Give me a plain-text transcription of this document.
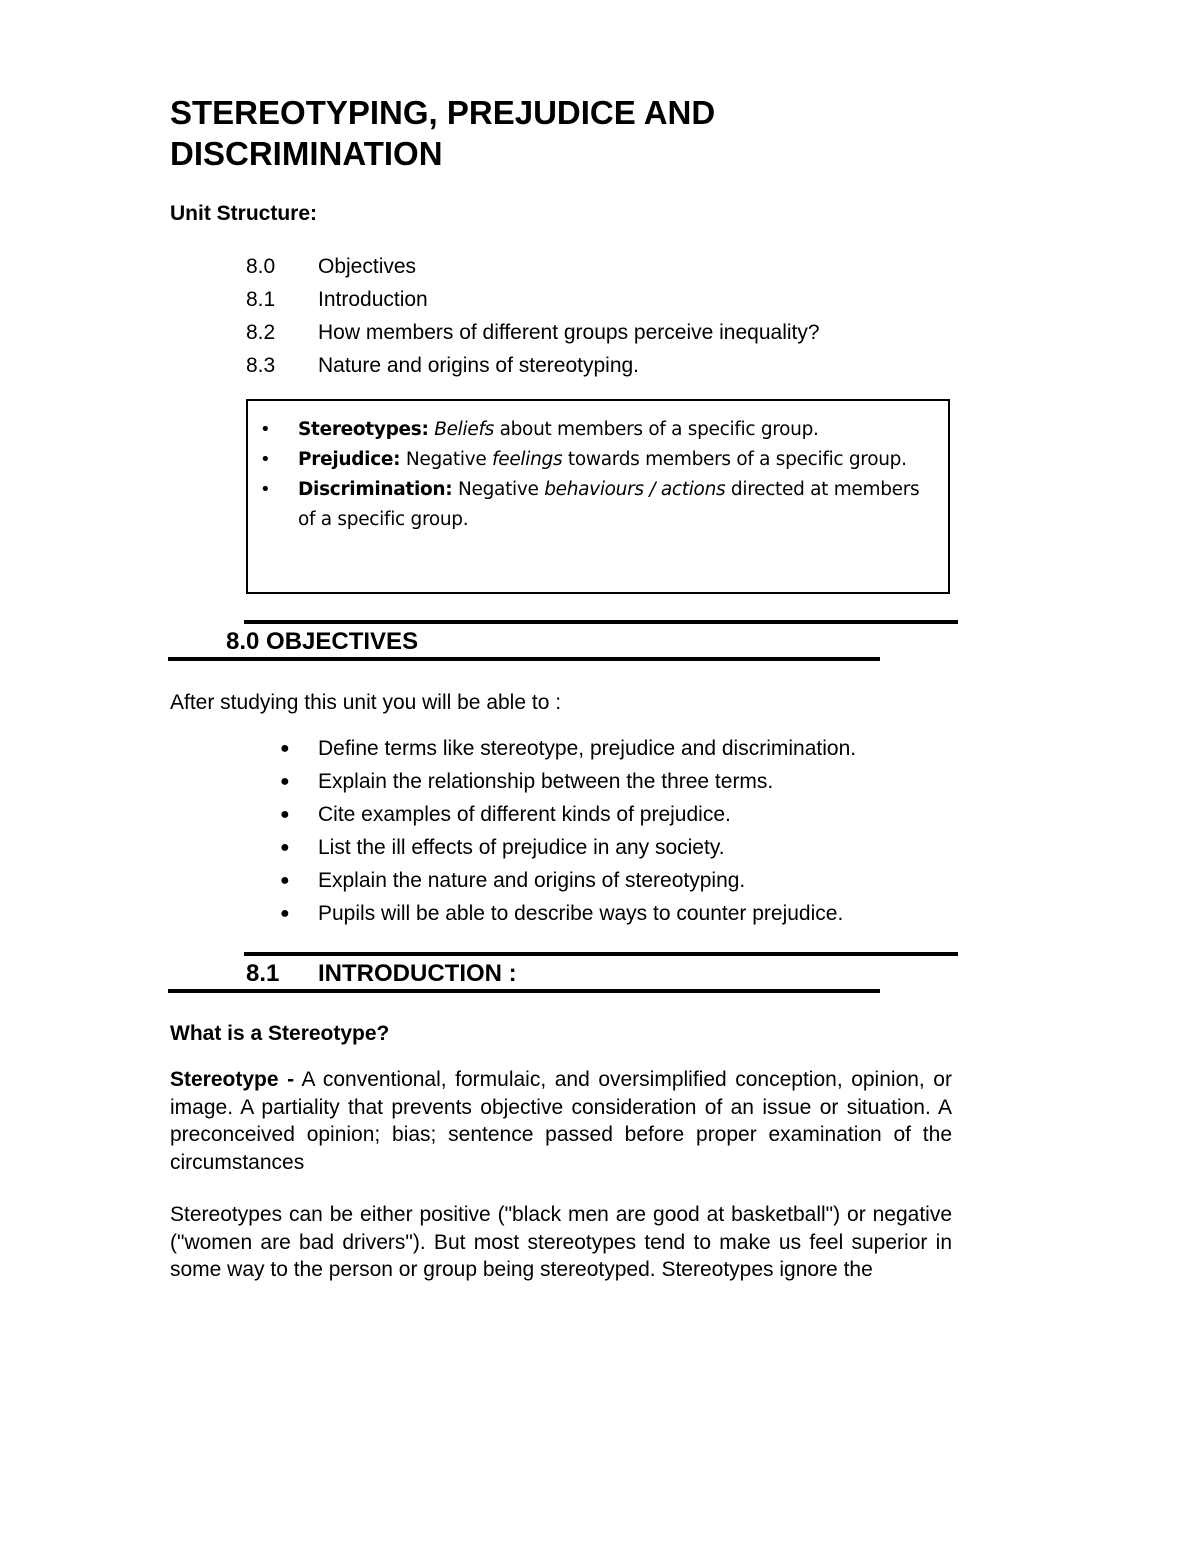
STEREOTYPING, PREJUDICE AND DISCRIMINATION
Unit Structure:
8.0	Objectives
8.1	Introduction
8.2	How members of different groups perceive inequality?
8.3	Nature and origins of stereotyping.
•	Stereotypes: Beliefs about members of a specific group.
•	Prejudice: Negative feelings towards members of a specific group.
•	Discrimination: Negative behaviours / actions directed at members of a specific group.
8.0 OBJECTIVES
After studying this unit you will be able to :
●	Define terms like stereotype, prejudice and discrimination.
●	Explain the relationship between the three terms.
●	Cite examples of different kinds of prejudice.
●	List the ill effects of prejudice in any society.
●	Explain the nature and origins of stereotyping.
●	Pupils will be able to describe ways to counter prejudice.
8.1 INTRODUCTION :
What is a Stereotype?

Stereotype - A conventional, formulaic, and oversimplified conception, opinion, or image. A partiality that prevents objective consideration of an issue or situation. A preconceived opinion; bias; sentence passed before proper examination of the circumstances

Stereotypes can be either positive ("black men are good at basketball") or negative ("women are bad drivers"). But most stereotypes tend to make us feel superior in some way to the person or group being stereotyped. Stereotypes ignore the
